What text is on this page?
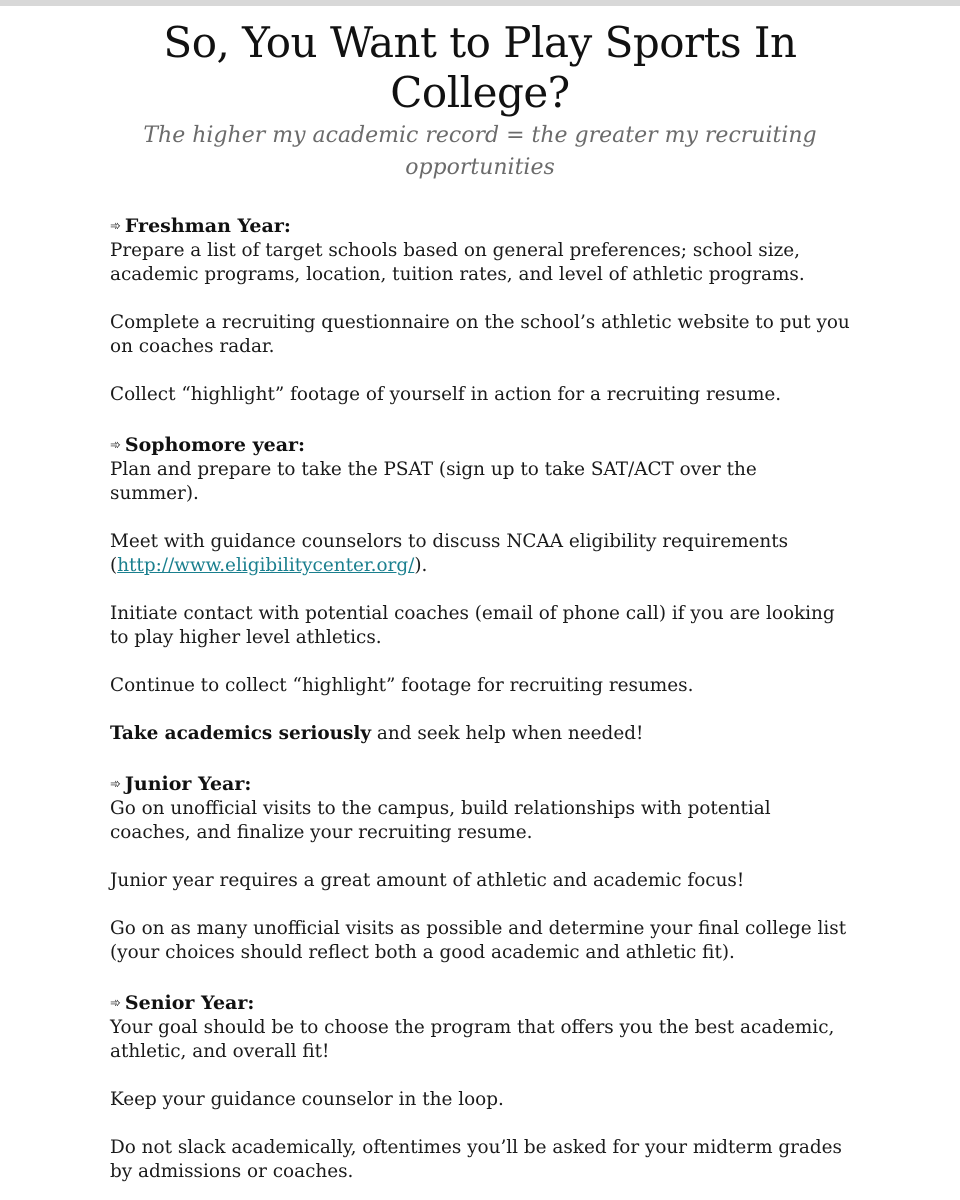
So, You Want to Play Sports In College?

The higher my academic record = the greater my recruiting opportunities

➾ Freshman Year:

Prepare a list of target schools based on general preferences; school size, academic programs, location, tuition rates, and level of athletic programs.

Complete a recruiting questionnaire on the school’s athletic website to put you on coaches radar.

Collect “highlight” footage of yourself in action for a recruiting resume.

➾ Sophomore year:

Plan and prepare to take the PSAT (sign up to take SAT/ACT over the summer).

Meet with guidance counselors to discuss NCAA eligibility requirements (http://www.eligibilitycenter.org/).

Initiate contact with potential coaches (email of phone call) if you are looking to play higher level athletics.

Continue to collect “highlight” footage for recruiting resumes.

Take academics seriously and seek help when needed!

➾ Junior Year:

Go on unofficial visits to the campus, build relationships with potential coaches, and finalize your recruiting resume.

Junior year requires a great amount of athletic and academic focus!

Go on as many unofficial visits as possible and determine your final college list (your choices should reflect both a good academic and athletic fit).

➾ Senior Year:

Your goal should be to choose the program that offers you the best academic, athletic, and overall fit!

Keep your guidance counselor in the loop.

Do not slack academically, oftentimes you’ll be asked for your midterm grades by admissions or coaches.
